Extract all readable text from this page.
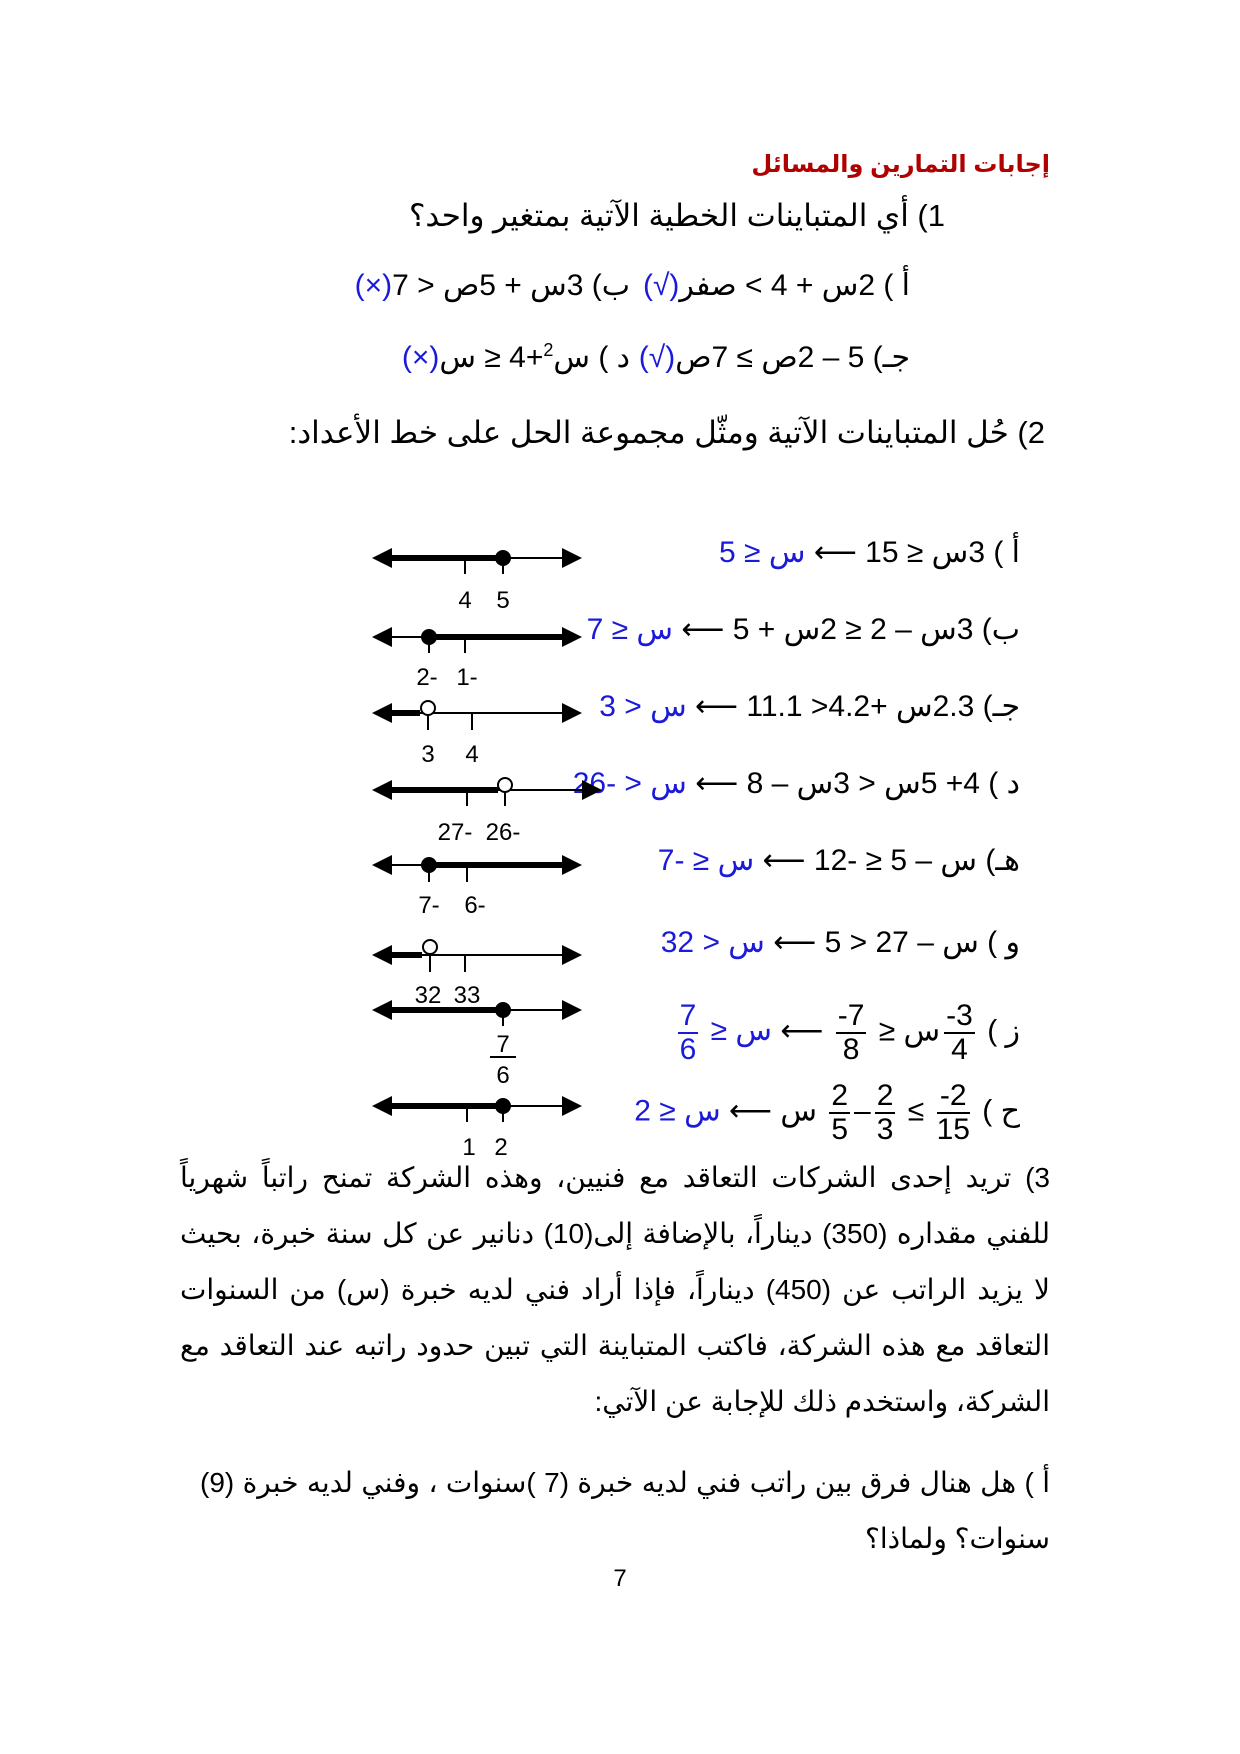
إجابات التمارين والمسائل
1) أي المتباينات الخطية الآتية بمتغير واحد؟
أ ) 2س + 4 > صفر(√)
ب) 3س + 5ص < 7(×)
جـ) 5 – 2ص ≥ 7ص(√)
د ) س$^2$+4 ≤ س(×)
2) حُل المتباينات الآتية ومثّل مجموعة الحل على خط الأعداد:
أ ) 3س ≤ 15 ⟵ س ≤ 5
ب) 3س – 2 ≤ 2س + 5 ⟵ س ≤ 7
جـ) 2.3س +4.2< 11.1 ⟵ س < 3
د ) 4+ 5س < 3س – 8 ⟵ س < -26
هـ) س – 5 ≤ -12 ⟵ س ≤ -7
و ) س – 27 < 5 ⟵ س < 32
ز )
$\frac{3-}{4}$
س ≤
$\frac{7-}{8}$
⟵ س ≤
$\frac{7}{6}$
ح )
$\frac{2-}{15}$
≥
$\frac{2}{3}$
–
$\frac{2}{5}$
س ⟵ س ≤ 2
4 5
2- 1-
3 4
27- 26-
7- 6-
32 33
7
6
1 2
3) تريد إحدى الشركات التعاقد مع فنيين، وهذه الشركة تمنح راتباً شهرياً للفني مقداره (350) ديناراً، بالإضافة إلى(10) دنانير عن كل سنة خبرة، بحيث لا يزيد الراتب عن (450) ديناراً، فإذا أراد فني لديه خبرة (س) من السنوات التعاقد مع هذه الشركة، فاكتب المتباينة التي تبين حدود راتبه عند التعاقد مع الشركة، واستخدم ذلك للإجابة عن الآتي:
أ ) هل هنال فرق بين راتب فني لديه خبرة (7 )سنوات ، وفني لديه خبرة (9) سنوات؟ ولماذا؟
7
